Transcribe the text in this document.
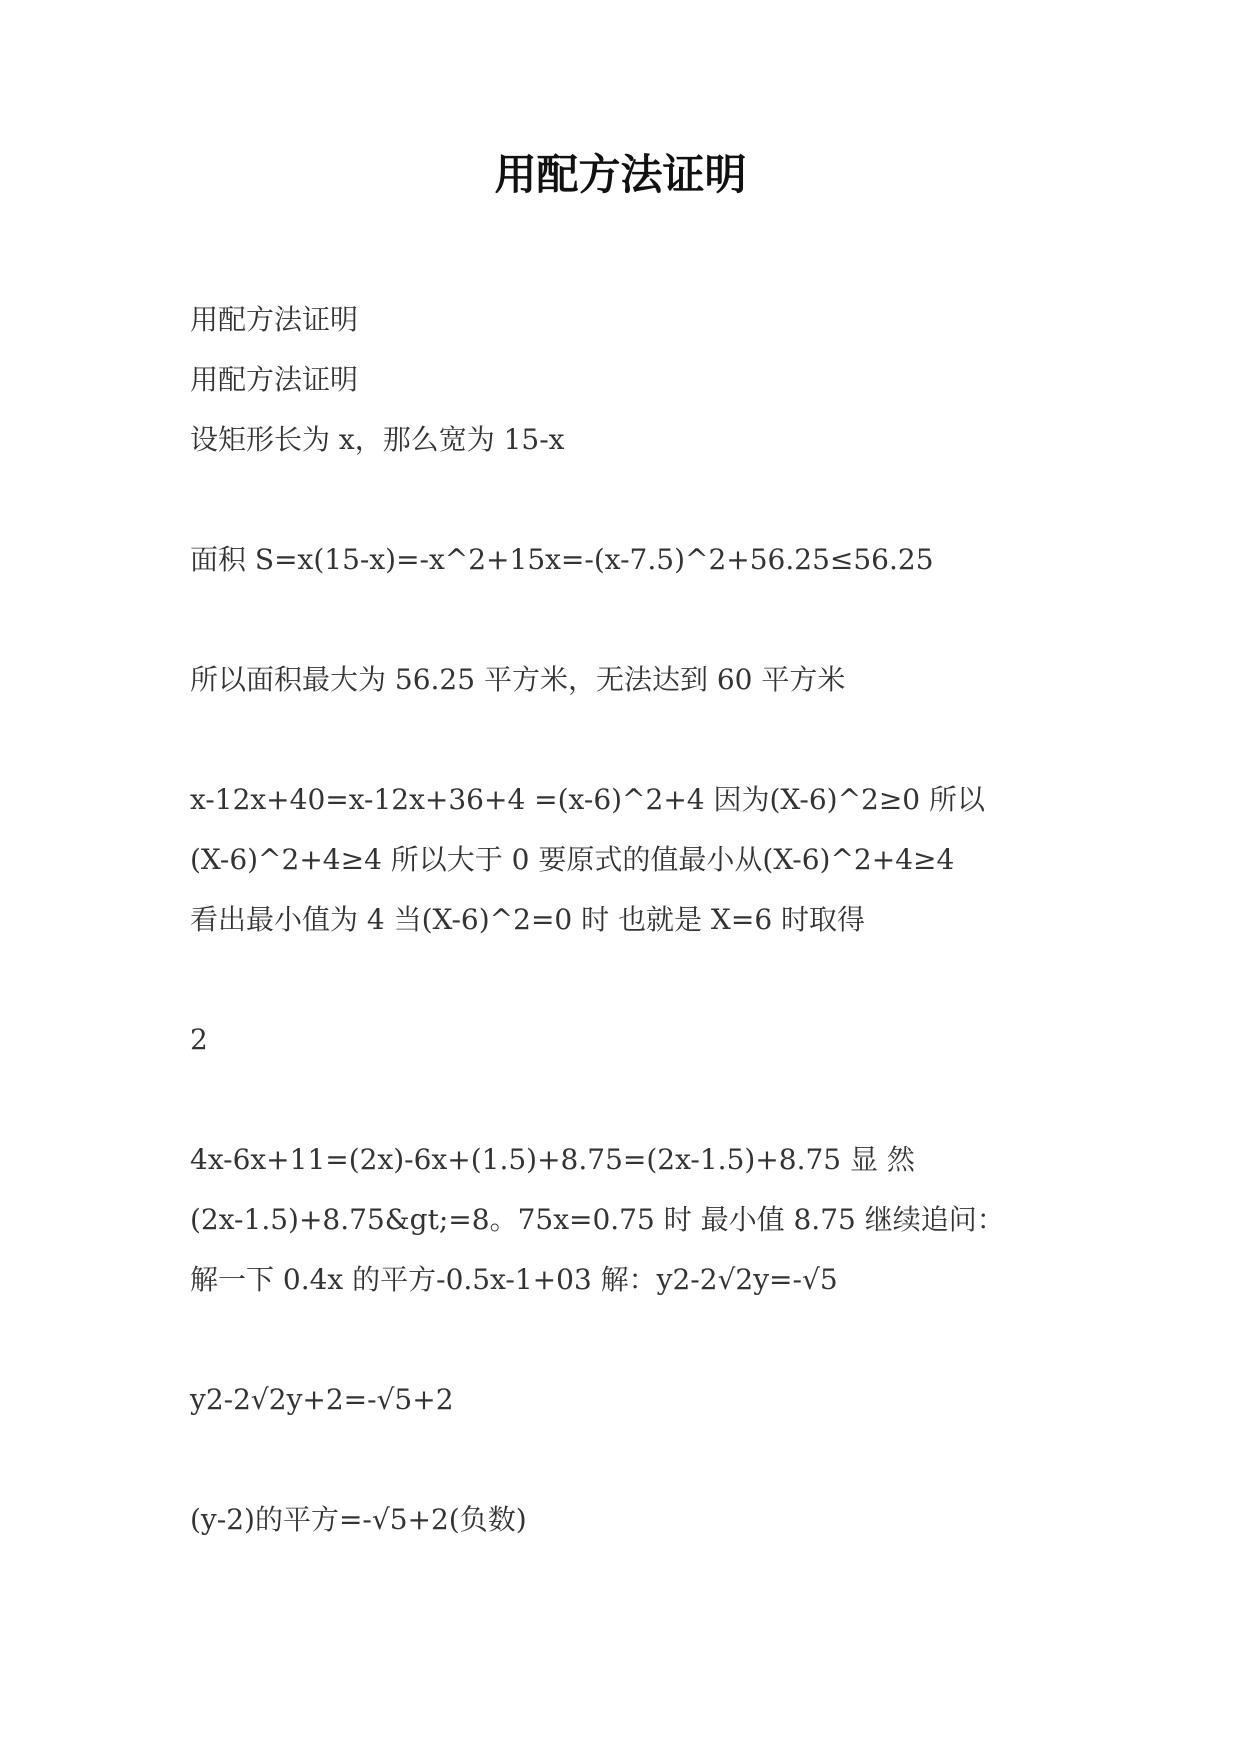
用配方法证明
用配方法证明
用配方法证明
设矩形长为 x，那么宽为 15-x
面积 S=x(15-x)=-x^2+15x=-(x-7.5)^2+56.25≤56.25
所以面积最大为 56.25 平方米，无法达到 60 平方米
x-12x+40=x-12x+36+4 =(x-6)^2+4 因为(X-6)^2≥0 所以
(X-6)^2+4≥4 所以大于 0 要原式的值最小从(X-6)^2+4≥4
看出最小值为 4 当(X-6)^2=0 时 也就是 X=6 时取得
2
4x-6x+11=(2x)-6x+(1.5)+8.75=(2x-1.5)+8.75 显 然
(2x-1.5)+8.75&gt;=8。75x=0.75 时 最小值 8.75 继续追问：
解一下 0.4x 的平方-0.5x-1+03 解：y2-2√2y=-√5
y2-2√2y+2=-√5+2
(y-2)的平方=-√5+2(负数)
